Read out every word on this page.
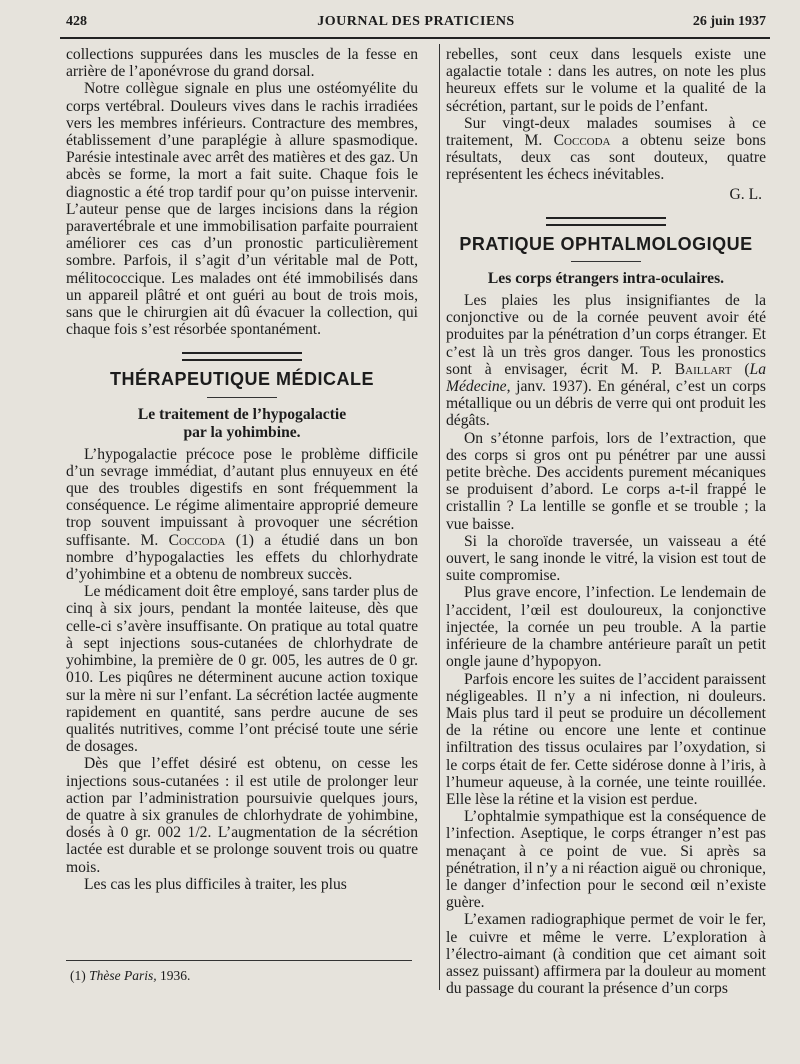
428	JOURNAL DES PRATICIENS	26 juin 1937

collections suppurées dans les muscles de la fesse en arrière de l’aponévrose du grand dorsal.

Notre collègue signale en plus une ostéomyélite du corps vertébral. Douleurs vives dans le rachis irradiées vers les membres inférieurs. Contracture des membres, établissement d’une paraplégie à allure spasmodique. Parésie intestinale avec arrêt des matières et des gaz. Un abcès se forme, la mort a fait suite. Chaque fois le diagnostic a été trop tardif pour qu’on puisse intervenir. L’auteur pense que de larges incisions dans la région paravertébrale et une immobilisation parfaite pourraient améliorer ces cas d’un pronostic particulièrement sombre. Parfois, il s’agit d’un véritable mal de Pott, mélitococcique. Les malades ont été immobilisés dans un appareil plâtré et ont guéri au bout de trois mois, sans que le chirurgien ait dû évacuer la collection, qui chaque fois s’est résorbée spontanément.

THÉRAPEUTIQUE MÉDICALE
Le traitement de l’hypogalactie
par la yohimbine.

L’hypogalactie précoce pose le problème difficile d’un sevrage immédiat, d’autant plus ennuyeux en été que des troubles digestifs en sont fréquemment la conséquence. Le régime alimentaire approprié demeure trop souvent impuissant à provoquer une sécrétion suffisante. M. Coccoda (1) a étudié dans un bon nombre d’hypogalacties les effets du chlorhydrate d’yohimbine et a obtenu de nombreux succès.

Le médicament doit être employé, sans tarder plus de cinq à six jours, pendant la montée laiteuse, dès que celle-ci s’avère insuffisante. On pratique au total quatre à sept injections sous-cutanées de chlorhydrate de yohimbine, la première de 0 gr. 005, les autres de 0 gr. 010. Les piqûres ne déterminent aucune action toxique sur la mère ni sur l’enfant. La sécrétion lactée augmente rapidement en quantité, sans perdre aucune de ses qualités nutritives, comme l’ont précisé toute une série de dosages.

Dès que l’effet désiré est obtenu, on cesse les injections sous-cutanées : il est utile de prolonger leur action par l’administration poursuivie quelques jours, de quatre à six granules de chlorhydrate de yohimbine, dosés à 0 gr. 002 1/2. L’augmentation de la sécrétion lactée est durable et se prolonge souvent trois ou quatre mois.

Les cas les plus difficiles à traiter, les plus

rebelles, sont ceux dans lesquels existe une agalactie totale : dans les autres, on note les plus heureux effets sur le volume et la qualité de la sécrétion, partant, sur le poids de l’enfant.

Sur vingt-deux malades soumises à ce traitement, M. Coccoda a obtenu seize bons résultats, deux cas sont douteux, quatre représentent les échecs inévitables.

G. L.
PRATIQUE OPHTALMOLOGIQUE
Les corps étrangers intra-oculaires.

Les plaies les plus insignifiantes de la conjonctive ou de la cornée peuvent avoir été produites par la pénétration d’un corps étranger. Et c’est là un très gros danger. Tous les pronostics sont à envisager, écrit M. P. Baillart (La Médecine, janv. 1937). En général, c’est un corps métallique ou un débris de verre qui ont produit les dégâts.

On s’étonne parfois, lors de l’extraction, que des corps si gros ont pu pénétrer par une aussi petite brèche. Des accidents purement mécaniques se produisent d’abord. Le corps a-t-il frappé le cristallin ? La lentille se gonfle et se trouble ; la vue baisse.

Si la choroïde traversée, un vaisseau a été ouvert, le sang inonde le vitré, la vision est tout de suite compromise.

Plus grave encore, l’infection. Le lendemain de l’accident, l’œil est douloureux, la conjonctive injectée, la cornée un peu trouble. A la partie inférieure de la chambre antérieure paraît un petit ongle jaune d’hypopyon.

Parfois encore les suites de l’accident paraissent négligeables. Il n’y a ni infection, ni douleurs. Mais plus tard il peut se produire un décollement de la rétine ou encore une lente et continue infiltration des tissus oculaires par l’oxydation, si le corps était de fer. Cette sidérose donne à l’iris, à l’humeur aqueuse, à la cornée, une teinte rouillée. Elle lèse la rétine et la vision est perdue.

L’ophtalmie sympathique est la conséquence de l’infection. Aseptique, le corps étranger n’est pas menaçant à ce point de vue. Si après sa pénétration, il n’y a ni réaction aiguë ou chronique, le danger d’infection pour le second œil n’existe guère.

L’examen radiographique permet de voir le fer, le cuivre et même le verre. L’exploration à l’électro-aimant (à condition que cet aimant soit assez puissant) affirmera par la douleur au moment du passage du courant la présence d’un corps

(1) Thèse Paris, 1936.
